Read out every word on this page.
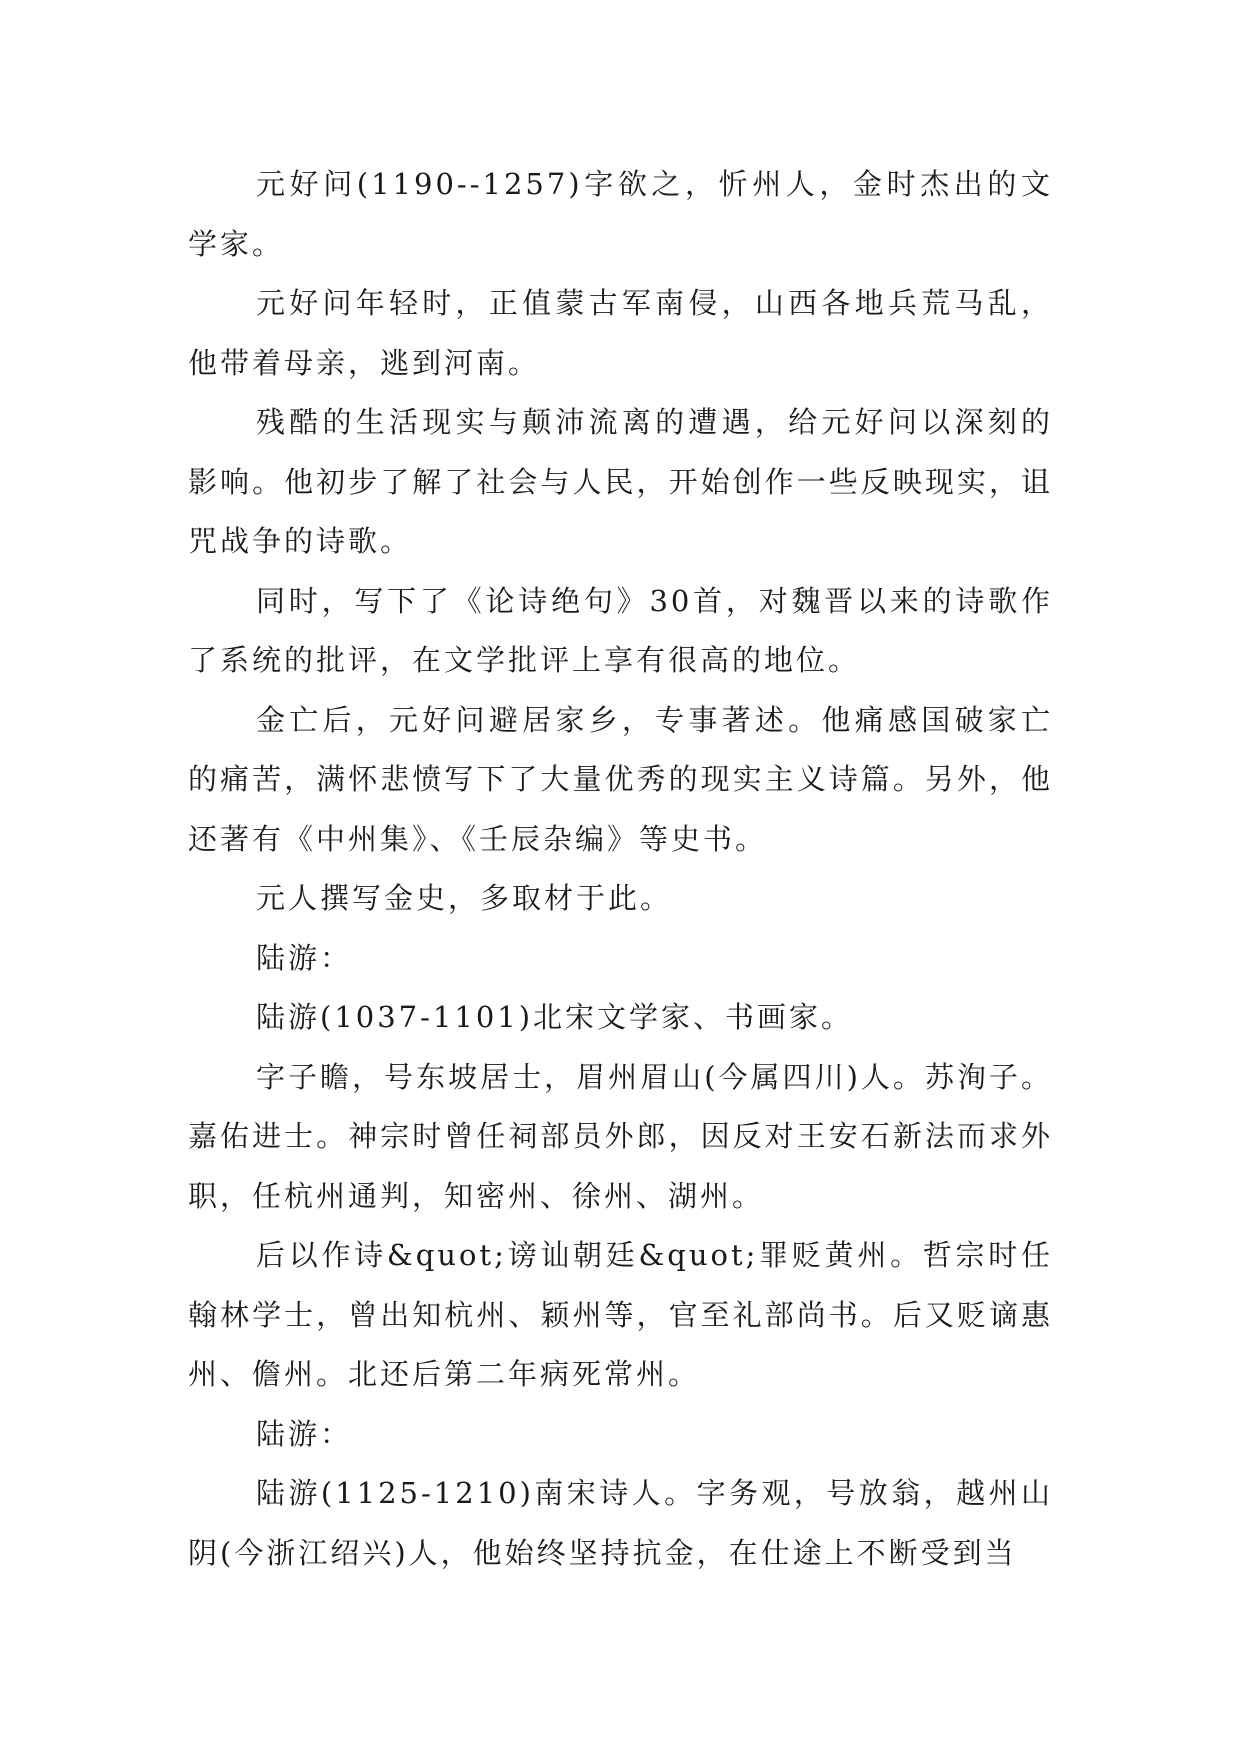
元好问(1190--1257)字欲之，忻州人，金时杰出的文学家。

元好问年轻时，正值蒙古军南侵，山西各地兵荒马乱，他带着母亲，逃到河南。

残酷的生活现实与颠沛流离的遭遇，给元好问以深刻的影响。他初步了解了社会与人民，开始创作一些反映现实，诅咒战争的诗歌。

同时，写下了《论诗绝句》30首，对魏晋以来的诗歌作了系统的批评，在文学批评上享有很高的地位。

金亡后，元好问避居家乡，专事著述。他痛感国破家亡的痛苦，满怀悲愤写下了大量优秀的现实主义诗篇。另外，他还著有《中州集》、《壬辰杂编》等史书。

元人撰写金史，多取材于此。

陆游：

陆游(1037-1101)北宋文学家、书画家。

字子瞻，号东坡居士，眉州眉山(今属四川)人。苏洵子。嘉佑进士。神宗时曾任祠部员外郎，因反对王安石新法而求外职，任杭州通判，知密州、徐州、湖州。

后以作诗&quot;谤讪朝廷&quot;罪贬黄州。哲宗时任翰林学士，曾出知杭州、颖州等，官至礼部尚书。后又贬谪惠州、儋州。北还后第二年病死常州。

陆游：

陆游(1125-1210)南宋诗人。字务观，号放翁，越州山阴(今浙江绍兴)人，他始终坚持抗金，在仕途上不断受到当
